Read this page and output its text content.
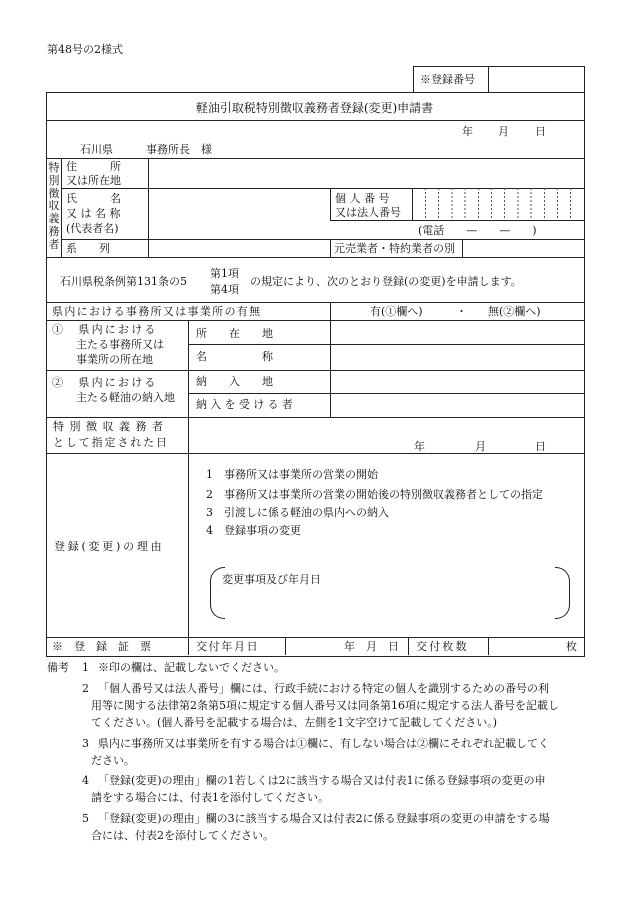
第48号の2様式
※登録番号
軽油引取税特別徴収義務者登録(変更)申請書
年 月 日
石川県	事務所長　様
特
別
徴
収
義
務
者
住　　　所
又は所在地
氏　　　名
又 は 名 称
(代表者名)
個 人 番 号
又は法人番号
(電話　　—　　—　　)
系　　列	元売業者・特約業者の別
石川県税条例第131条の5
第1項
第4項
の規定により、次のとおり登録(の変更)を申請します。
県内における事務所又は事業所の有無	有(①欄へ)	・ 無(②欄へ)
①　県内における
主たる事務所又は
事業所の所在地
所　　在　　地
名　　　　　称
②　県内における
主たる軽油の納入地
納　　入　　地
納入を受ける者
特別徴収義務者
として指定された日	年	月	日
登録(変更)の理由
1　事務所又は事業所の営業の開始
2　事務所又は事業所の営業の開始後の特別徴収義務者としての指定
3　引渡しに係る軽油の県内への納入
4　登録事項の変更
変更事項及び年月日
※　登　録　証　票	交付年月日	年　月　日 交付枚数	枚
備考 1 ※印の欄は、記載しないでください。
2 「個人番号又は法人番号」欄には、行政手続における特定の個人を識別するための番号の利
用等に関する法律第2条第5項に規定する個人番号又は同条第16項に規定する法人番号を記載し
てください。(個人番号を記載する場合は、左側を1文字空けて記載してください。)
3 県内に事務所又は事業所を有する場合は①欄に、有しない場合は②欄にそれぞれ記載してく
ださい。
4 「登録(変更)の理由」欄の1若しくは2に該当する場合又は付表1に係る登録事項の変更の申
請をする場合には、付表1を添付してください。
5 「登録(変更)の理由」欄の3に該当する場合又は付表2に係る登録事項の変更の申請をする場
合には、付表2を添付してください。
